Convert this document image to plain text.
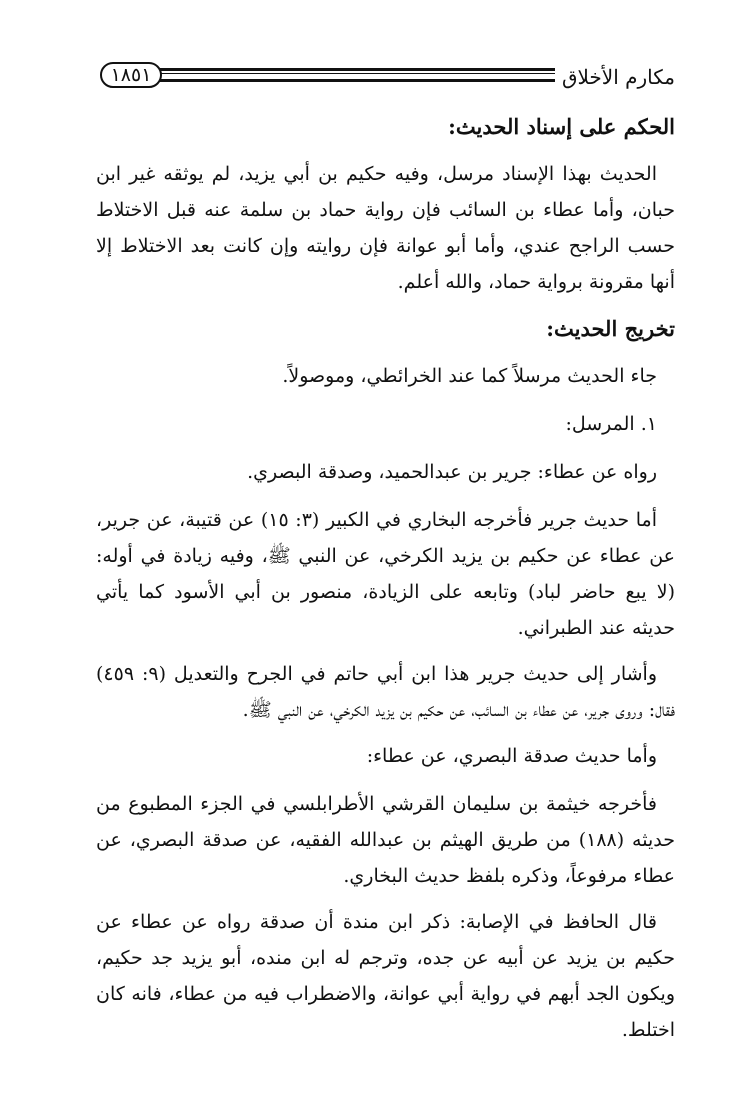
مكارم الأخلاق
١٨٥١
الحكم على إسناد الحديث:

الحديث بهذا الإسناد مرسل، وفيه حكيم بن أبي يزيد، لم يوثقه غير ابن حبان، وأما عطاء بن السائب فإن رواية حماد بن سلمة عنه قبل الاختلاط حسب الراجح عندي، وأما أبو عوانة فإن روايته وإن كانت بعد الاختلاط إلا أنها مقرونة برواية حماد، والله أعلم.

تخريج الحديث:

جاء الحديث مرسلاً كما عند الخرائطي، وموصولاً.

١. المرسل:

رواه عن عطاء: جرير بن عبدالحميد، وصدقة البصري.

أما حديث جرير فأخرجه البخاري في الكبير (٣: ١٥) عن قتيبة، عن جرير، عن عطاء عن حكيم بن يزيد الكرخي، عن النبي ﷺ، وفيه زيادة في أوله: (لا يبع حاضر لباد) وتابعه على الزيادة، منصور بن أبي الأسود كما يأتي حديثه عند الطبراني.

وأشار إلى حديث جرير هذا ابن أبي حاتم في الجرح والتعديل (٩: ٤٥٩) فقال: وروى جرير، عن عطاء بن السائب، عن حكيم بن يزيد الكرخي، عن النبي ﷺ.

وأما حديث صدقة البصري، عن عطاء:

فأخرجه خيثمة بن سليمان القرشي الأطرابلسي في الجزء المطبوع من حديثه (١٨٨) من طريق الهيثم بن عبدالله الفقيه، عن صدقة البصري، عن عطاء مرفوعاً، وذكره بلفظ حديث البخاري.

قال الحافظ في الإصابة: ذكر ابن مندة أن صدقة رواه عن عطاء عن حكيم بن يزيد عن أبيه عن جده، وترجم له ابن منده، أبو يزيد جد حكيم، ويكون الجد أبهم في رواية أبي عوانة، والاضطراب فيه من عطاء، فانه كان اختلط.
